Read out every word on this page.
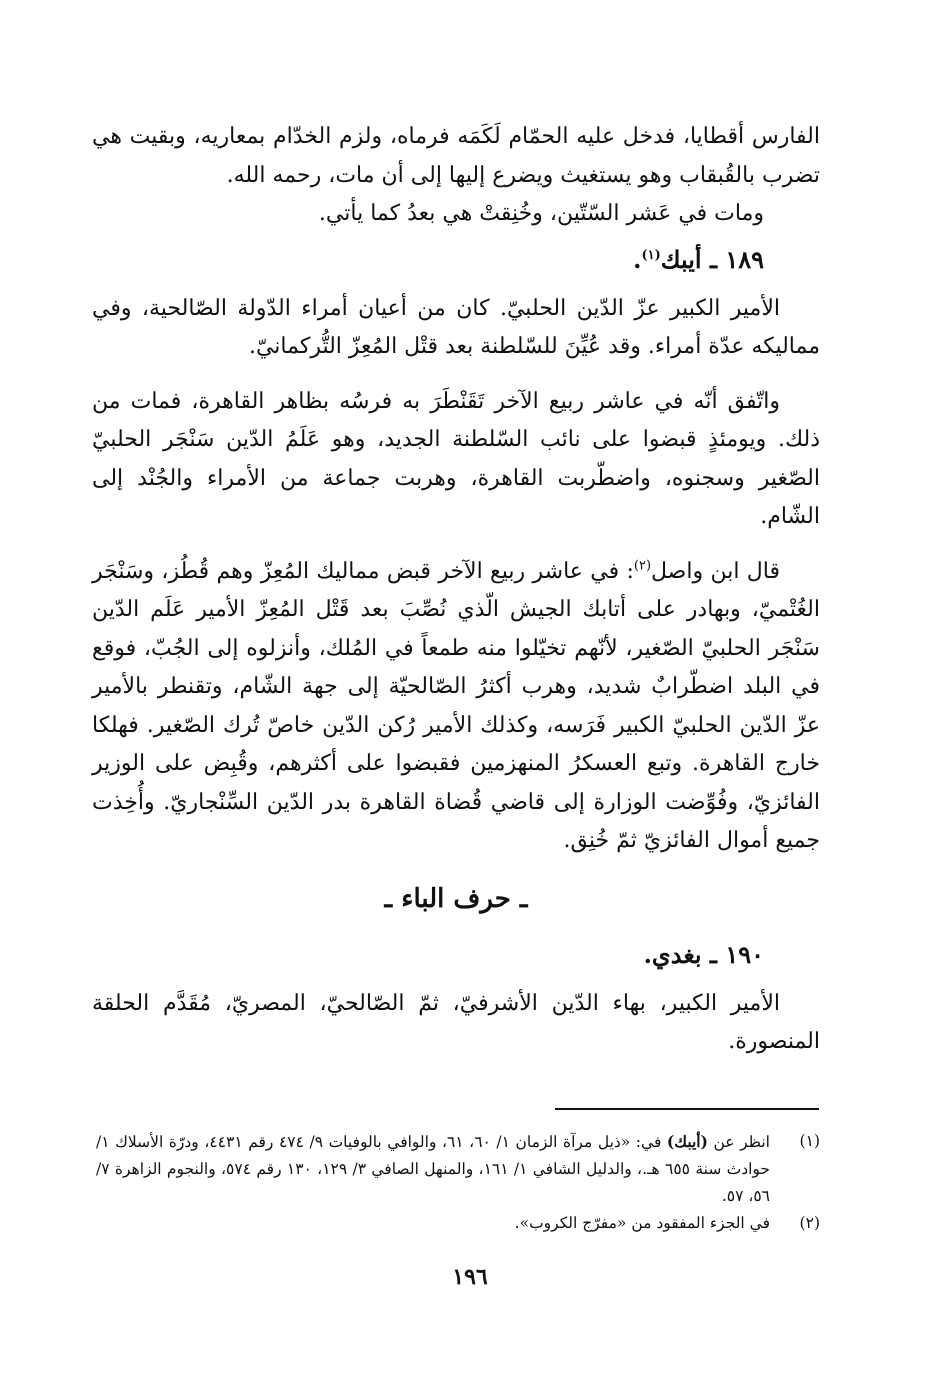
الفارس أقطايا، فدخل عليه الحمّام لَكَمَه فرماه، ولزم الخدّام بمعاريه، وبقيت هي تضرب بالقُبقاب وهو يستغيث ويضرع إليها إلى أن مات، رحمه الله.

ومات في عَشر السّتّين، وخُنِقتْ هي بعدُ كما يأتي.

١٨٩ ـ أيبك$^{(١)}$.

الأمير الكبير عزّ الدّين الحلبيّ. كان من أعيان أمراء الدّولة الصّالحية، وفي مماليكه عدّة أمراء. وقد عُيِّنَ للسّلطنة بعد قتْل المُعِزّ التُّركمانيّ.

واتّفق أنّه في عاشر ربيع الآخر تَقَنْطَرَ به فرسُه بظاهر القاهرة، فمات من ذلك. ويومئذٍ قبضوا على نائب السّلطنة الجديد، وهو عَلَمُ الدّين سَنْجَر الحلبيّ الصّغير وسجنوه، واضطّربت القاهرة، وهربت جماعة من الأمراء والجُنْد إلى الشّام.

قال ابن واصل$^{(٢)}$: في عاشر ربيع الآخر قبض مماليك المُعِزّ وهم قُطُز، وسَنْجَر الغُتْميّ، وبهادر على أتابك الجيش الّذي نُصِّبَ بعد قَتْل المُعِزّ الأمير عَلَم الدّين سَنْجَر الحلبيّ الصّغير، لأنّهم تخيّلوا منه طمعاً في المُلك، وأنزلوه إلى الجُبّ، فوقع في البلد اضطّرابٌ شديد، وهرب أكثرُ الصّالحيّة إلى جهة الشّام، وتقنطر بالأمير عزّ الدّين الحلبيّ الكبير فَرَسه، وكذلك الأمير رُكن الدّين خاصّ تُرك الصّغير. فهلكا خارج القاهرة. وتبع العسكرُ المنهزمين فقبضوا على أكثرهم، وقُبِض على الوزير الفائزيّ، وفُوِّضت الوزارة إلى قاضي قُضاة القاهرة بدر الدّين السِّنْجاريّ. وأُخِذت جميع أموال الفائزيّ ثمّ خُنِق.

ـ حرف الباء ـ
١٩٠ ـ بغدي.

الأمير الكبير، بهاء الدّين الأشرفيّ، ثمّ الصّالحيّ، المصريّ، مُقَدَّم الحلقة المنصورة.

(١)
انظر عن (أيبك) في: «ذيل مرآة الزمان ١/ ٦٠، ٦١، والوافي بالوفيات ٩/ ٤٧٤ رقم ٤٤٣١، ودرّة الأسلاك ١/ حوادث سنة ٦٥٥ هـ.، والدليل الشافي ١/ ١٦١، والمنهل الصافي ٣/ ١٢٩، ١٣٠ رقم ٥٧٤، والنجوم الزاهرة ٧/ ٥٦، ٥٧.
(٢)
في الجزء المفقود من «مفرّج الكروب».
١٩٦
